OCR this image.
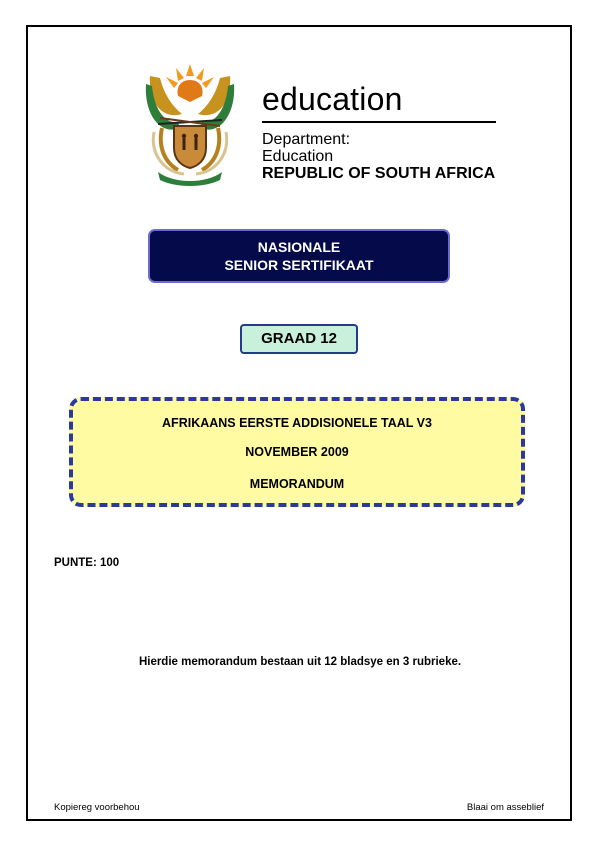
education
Department:
Education
REPUBLIC OF SOUTH AFRICA
NASIONALE
SENIOR SERTIFIKAAT
GRAAD 12
AFRIKAANS EERSTE ADDISIONELE TAAL V3
NOVEMBER 2009
MEMORANDUM
PUNTE: 100
Hierdie memorandum bestaan uit 12 bladsye en 3 rubrieke.
Kopiereg voorbehou	Blaai om asseblief
